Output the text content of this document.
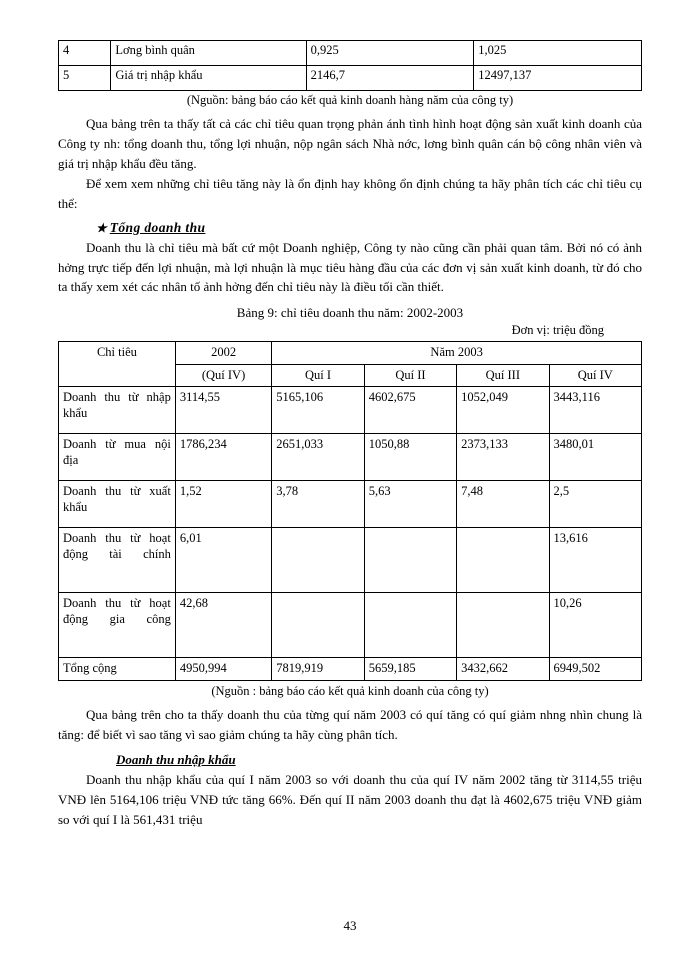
4	Lơng bình quân	0,925	1,025
5	Giá trị nhập khẩu	2146,7	12497,137
(Nguồn: bảng báo cáo kết quả kinh doanh hàng năm của công ty)

Qua bảng trên ta thấy tất cả các chỉ tiêu quan trọng phản ánh tình hình hoạt động sản xuất kinh doanh của Công ty nh: tổng doanh thu, tổng lợi nhuận, nộp ngân sách Nhà nớc, lơng bình quân cán bộ công nhân viên và giá trị nhập khẩu đều tăng.

Để xem xem những chỉ tiêu tăng này là ổn định hay không ổn định chúng ta hãy phân tích các chỉ tiêu cụ thể:

★ Tổng doanh thu

Doanh thu là chỉ tiêu mà bất cứ một Doanh nghiệp, Công ty nào cũng cần phải quan tâm. Bởi nó có ảnh hởng trực tiếp đến lợi nhuận, mà lợi nhuận là mục tiêu hàng đầu của các đơn vị sản xuất kinh doanh, từ đó cho ta thấy xem xét các nhân tố ảnh hởng đến chỉ tiêu này là điều tối cần thiết.

Bảng 9: chỉ tiêu doanh thu năm: 2002-2003
Đơn vị: triệu đồng
Chỉ tiêu	2002	Năm 2003			
	(Quí IV)	Quí I	Quí II	Quí III	Quí IV
Doanh thu từ nhập khẩu	3114,55	5165,106	4602,675	1052,049	3443,116
Doanh từ mua nội địa	1786,234	2651,033	1050,88	2373,133	3480,01
Doanh thu từ xuất khẩu	1,52	3,78	5,63	7,48	2,5
Doanh thu từ hoạt động tài chính	6,01				13,616
Doanh thu từ hoạt động gia công	42,68				10,26
Tổng cộng	4950,994	7819,919	5659,185	3432,662	6949,502
(Nguồn : bảng báo cáo kết quả kinh doanh của công ty)

Qua bảng trên cho ta thấy doanh thu của từng quí năm 2003 có quí tăng có quí giảm nhng nhìn chung là tăng: để biết vì sao tăng vì sao giảm chúng ta hãy cùng phân tích.

Doanh thu nhập khẩu

Doanh thu nhập khẩu của quí I năm 2003 so với doanh thu của quí IV năm 2002 tăng từ 3114,55 triệu VNĐ lên 5164,106 triệu VNĐ tức tăng 66%. Đến quí II năm 2003 doanh thu đạt là 4602,675 triệu VNĐ giảm so với quí I là 561,431 triệu

43
